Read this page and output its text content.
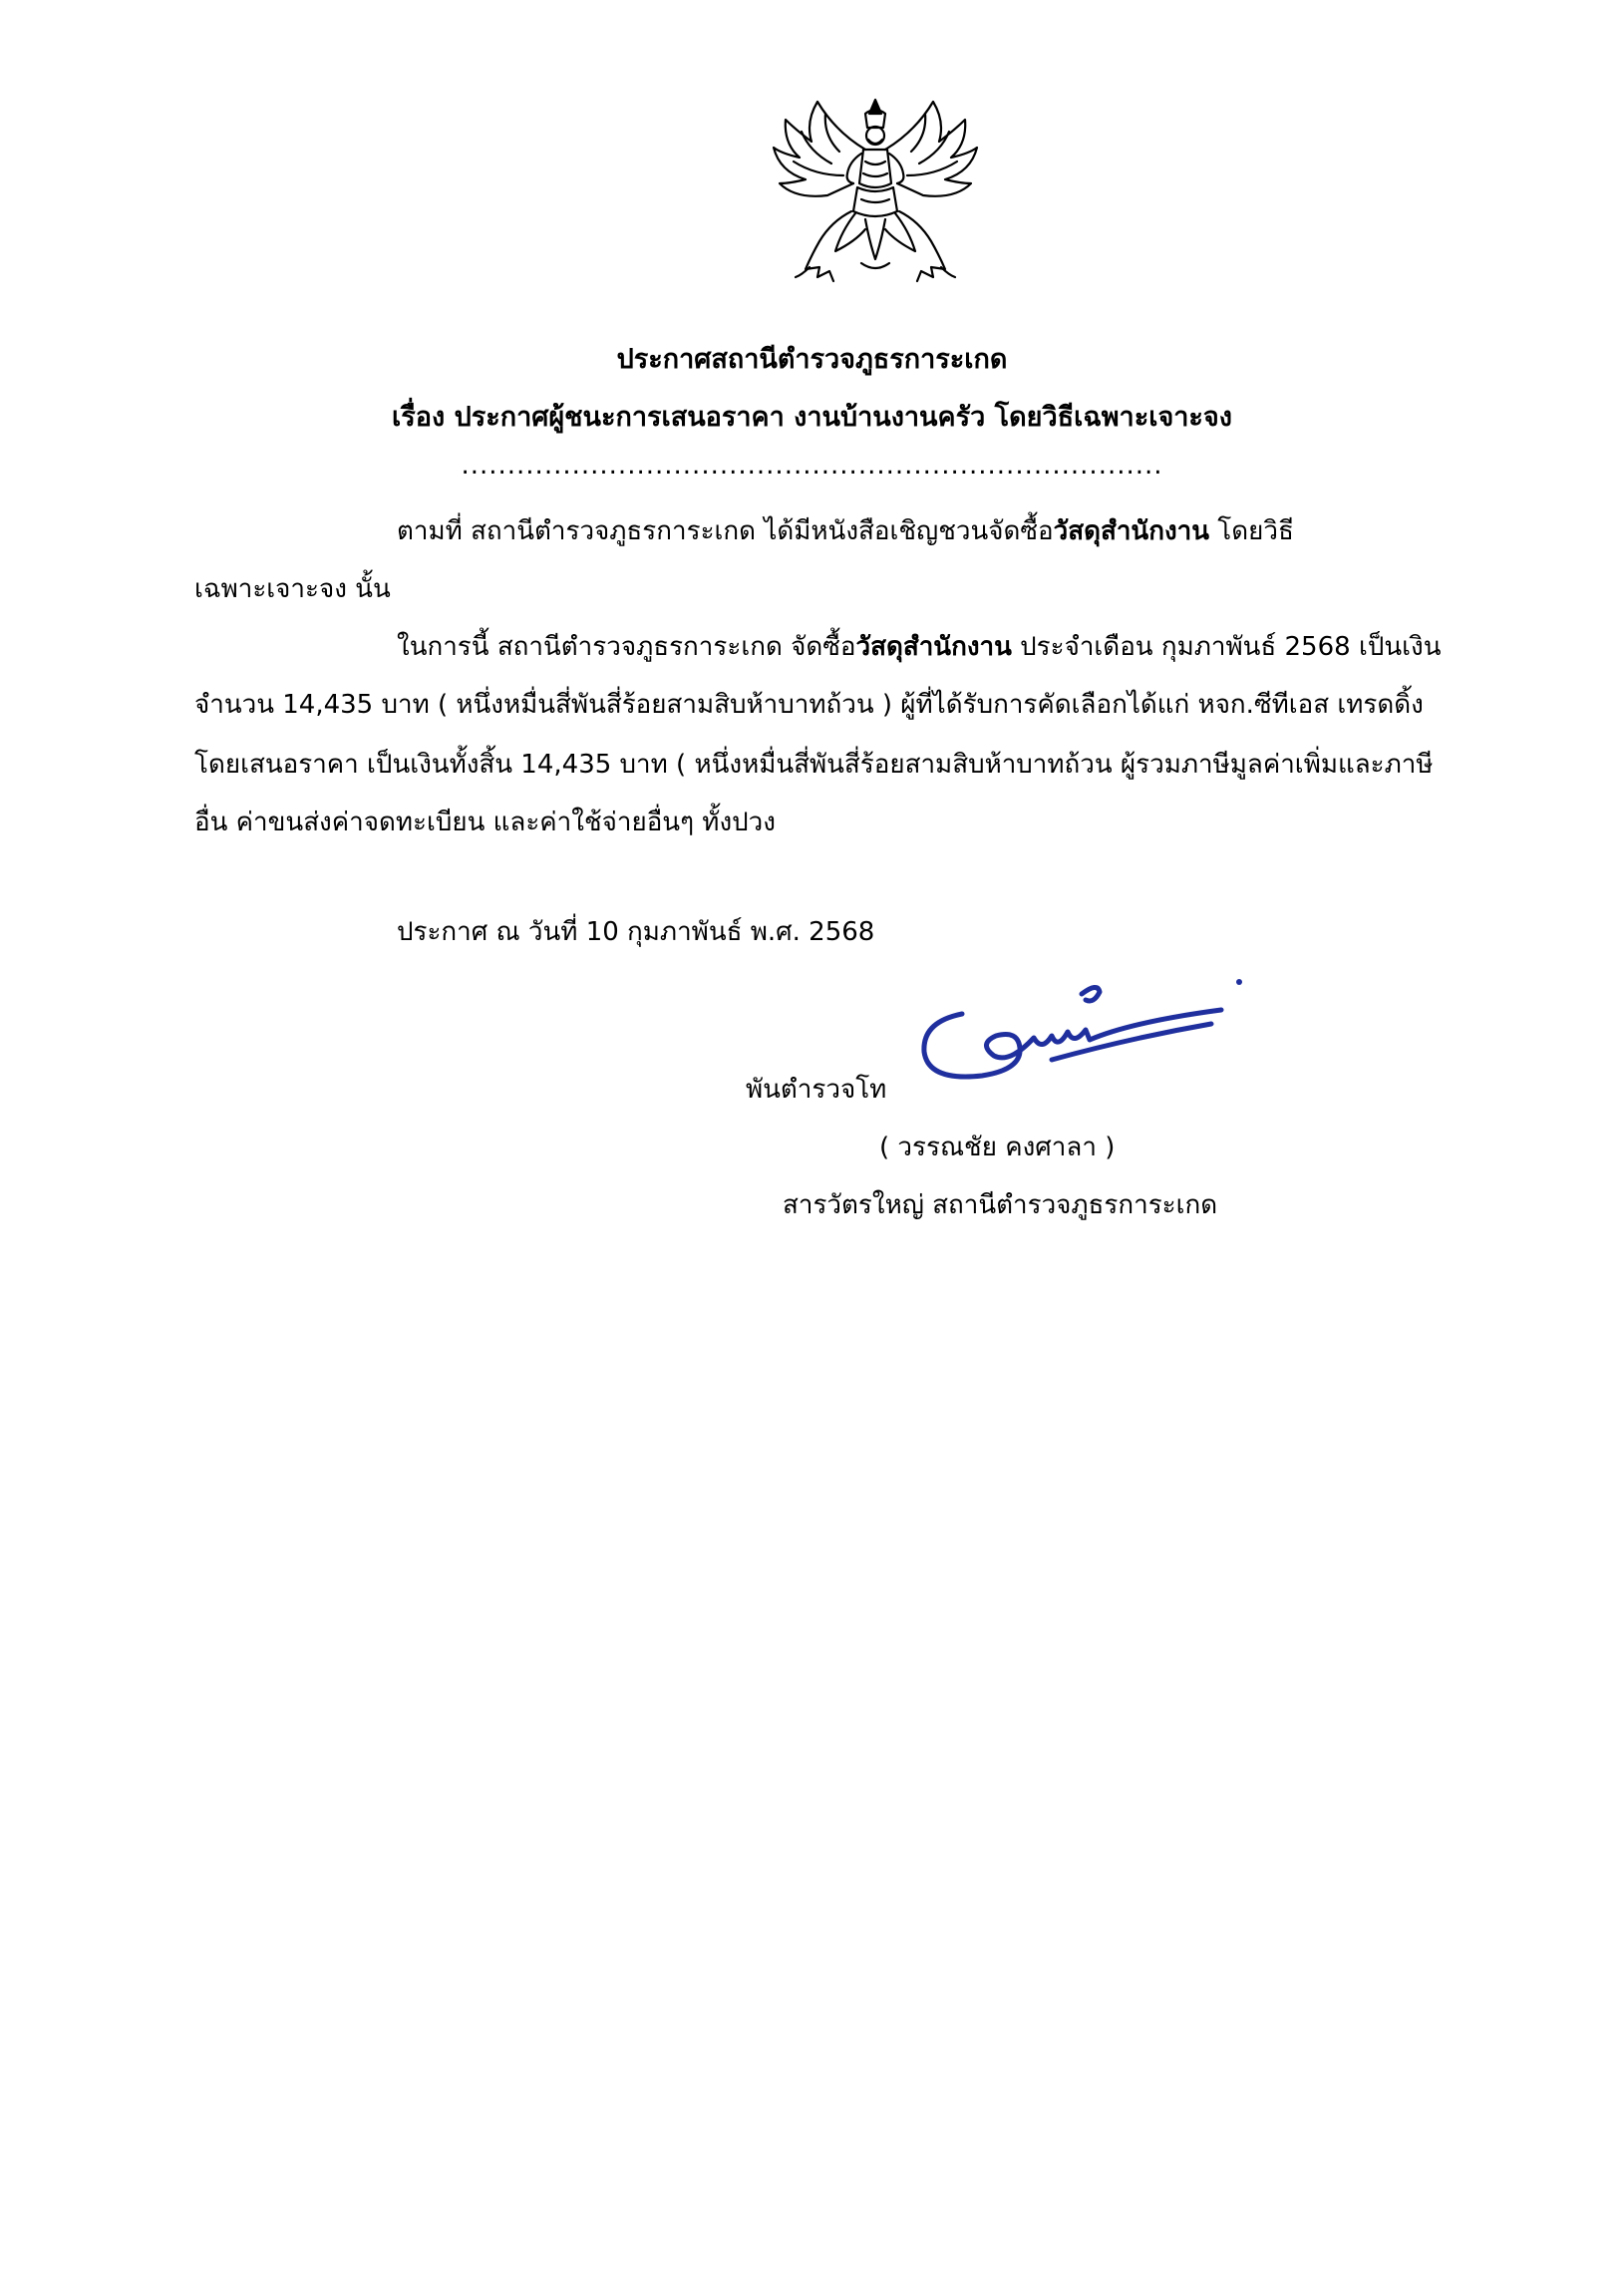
ประกาศสถานีตำรวจภูธรการะเกด
เรื่อง ประกาศผู้ชนะการเสนอราคา งานบ้านงานครัว โดยวิธีเฉพาะเจาะจง
............................................................................
ตามที่ สถานีตำรวจภูธรการะเกด ได้มีหนังสือเชิญชวนจัดซื้อวัสดุสำนักงาน โดยวิธี
เฉพาะเจาะจง นั้น
ในการนี้ สถานีตำรวจภูธรการะเกด จัดซื้อวัสดุสำนักงาน ประจำเดือน กุมภาพันธ์ 2568 เป็นเงิน
จำนวน 14,435 บาท ( หนึ่งหมื่นสี่พันสี่ร้อยสามสิบห้าบาทถ้วน ) ผู้ที่ได้รับการคัดเลือกได้แก่ หจก.ซีทีเอส เทรดดิ้ง
โดยเสนอราคา เป็นเงินทั้งสิ้น 14,435 บาท ( หนึ่งหมื่นสี่พันสี่ร้อยสามสิบห้าบาทถ้วน ผู้รวมภาษีมูลค่าเพิ่มและภาษี
อื่น ค่าขนส่งค่าจดทะเบียน และค่าใช้จ่ายอื่นๆ ทั้งปวง
ประกาศ ณ วันที่ 10 กุมภาพันธ์ พ.ศ. 2568
พันตำรวจโท
( วรรณชัย คงศาลา )
สารวัตรใหญ่ สถานีตำรวจภูธรการะเกด
